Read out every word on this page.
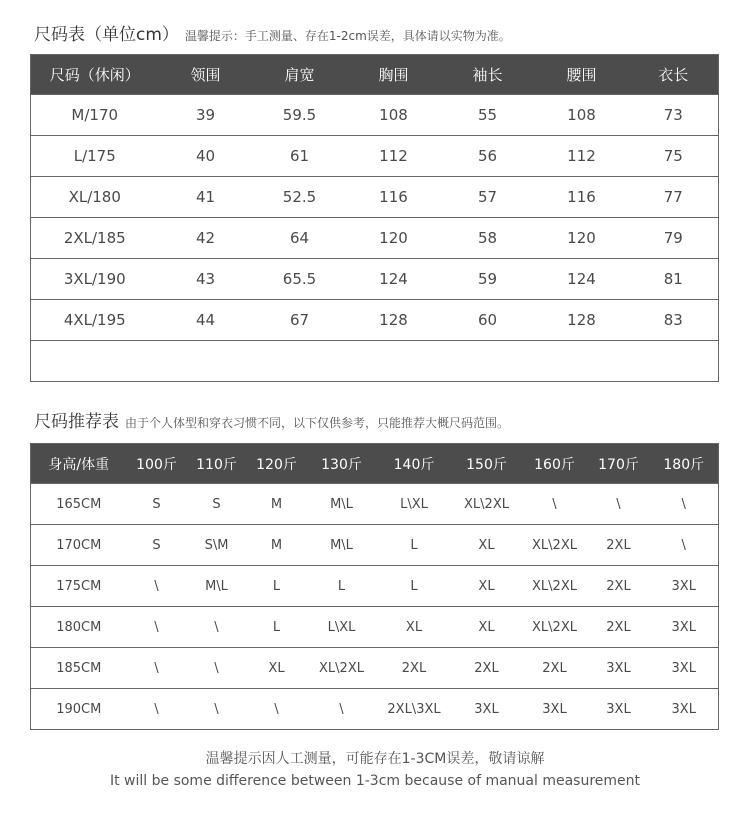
尺码表（单位cm） 温馨提示：手工测量、存在1-2cm误差，具体请以实物为准。
尺码（休闲）	领围	肩宽	胸围	袖长	腰围	衣长
M/170	39	59.5	108	55	108	73
L/175	40	61	112	56	112	75
XL/180	41	52.5	116	57	116	77
2XL/185	42	64	120	58	120	79
3XL/190	43	65.5	124	59	124	81
4XL/195	44	67	128	60	128	83

尺码推荐表 由于个人体型和穿衣习惯不同，以下仅供参考，只能推荐大概尺码范围。
身高/体重	100斤	110斤	120斤	130斤	140斤	150斤	160斤	170斤	180斤
165CM	S	S	M	M\L	L\XL	XL\2XL	\	\	\
170CM	S	S\M	M	M\L	L	XL	XL\2XL	2XL	\
175CM	\	M\L	L	L	L	XL	XL\2XL	2XL	3XL
180CM	\	\	L	L\XL	XL	XL	XL\2XL	2XL	3XL
185CM	\	\	XL	XL\2XL	2XL	2XL	2XL	3XL	3XL
190CM	\	\	\	\	2XL\3XL	3XL	3XL	3XL	3XL
温馨提示因人工测量，可能存在1-3CM误差，敬请谅解
It will be some difference between 1-3cm because of manual measurement
